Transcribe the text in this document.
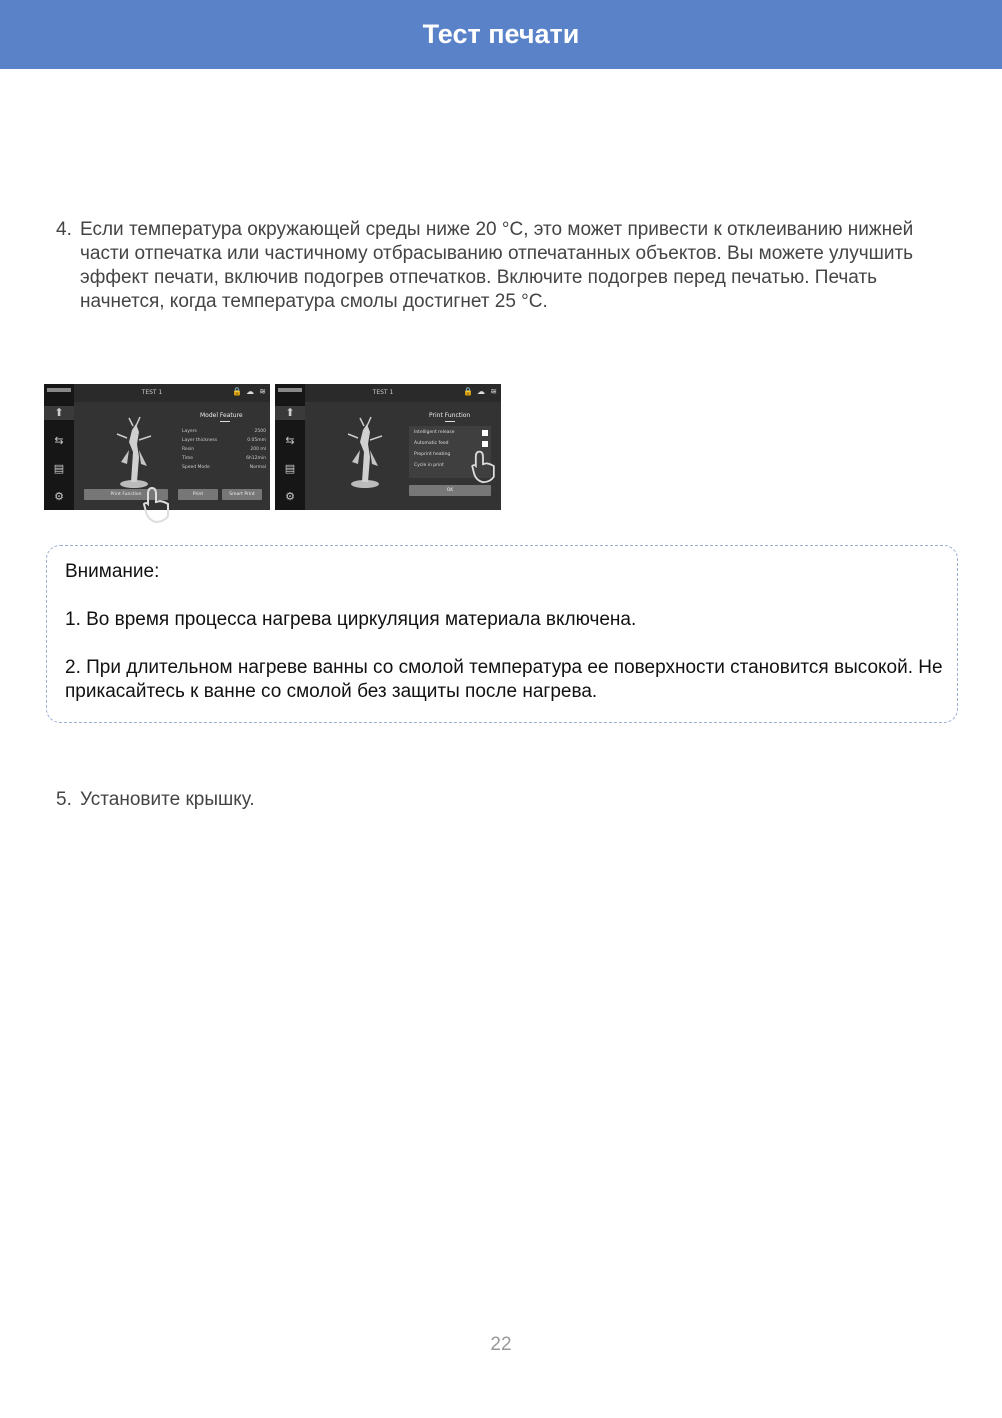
Тест печати
4. Если температура окружающей среды ниже 20 °C, это может привести к отклеиванию нижней части отпечатка или частичному отбрасыванию отпечатанных объектов. Вы можете улучшить эффект печати, включив подогрев отпечатков. Включите подогрев перед печатью. Печать начнется, когда температура смолы достигнет 25 °C.
⬆
⇆
▤
⚙
TEST 1	🔒 ☁ ≋
Model Feature
Layers	2500
Layer thickness	0.05mm
Resin	200 ml
Time	6h12min
Speed Mode	Normal
Print Function	Print	Smart Print
⬆
⇆
▤
⚙
TEST 1	🔒 ☁ ≋
Print Function
Intelligent release
Automatic feed
Preprint heating
Cycle in print
OK
Внимание:
1. Во время процесса нагрева циркуляция материала включена.
2. При длительном нагреве ванны со смолой температура ее поверхности становится высокой. Не прикасайтесь к ванне со смолой без защиты после нагрева.
5. Установите крышку.
22
